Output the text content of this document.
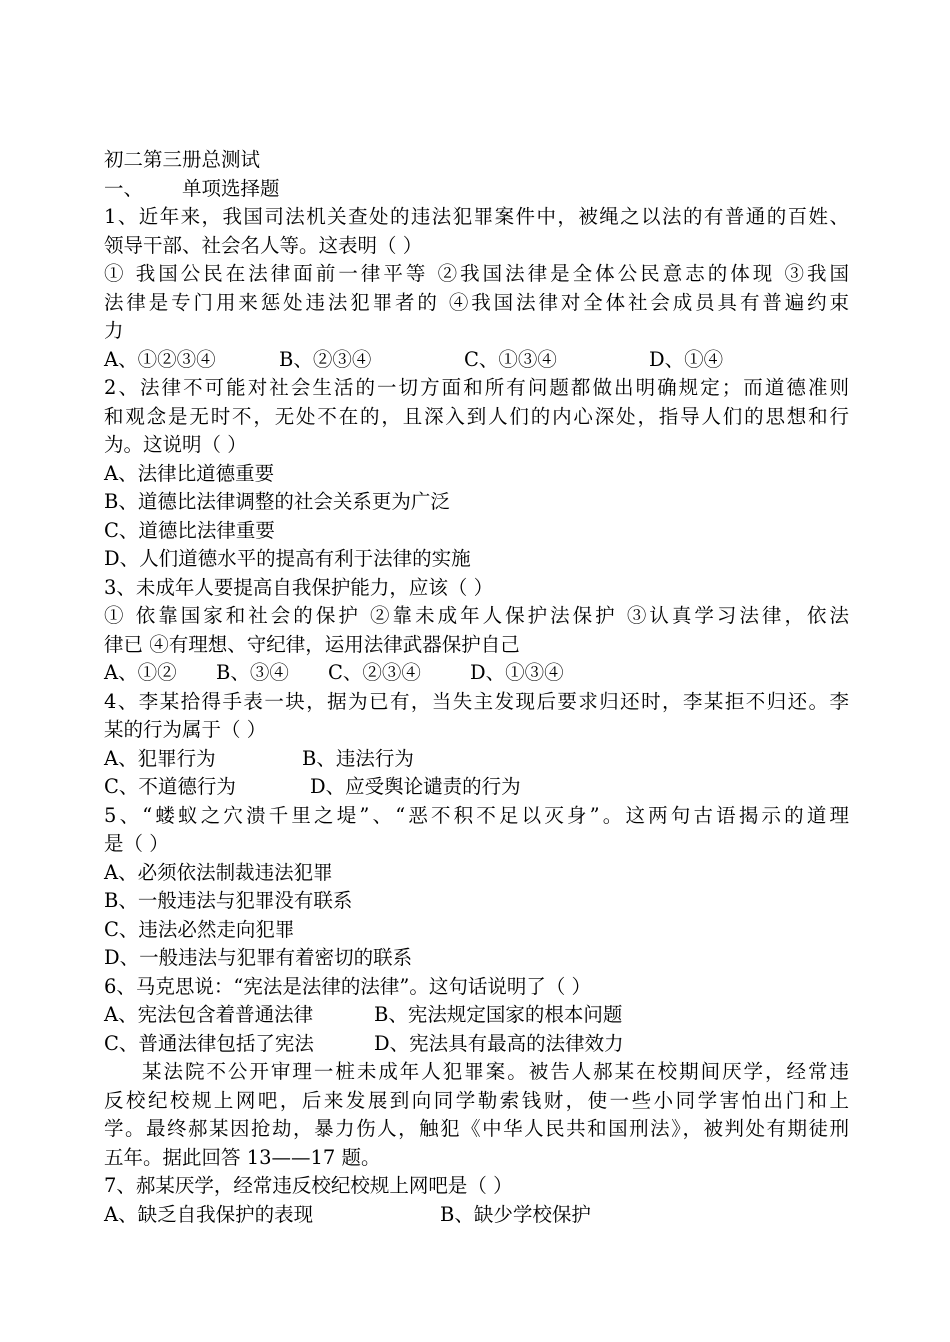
初二第三册总测试
一、	单项选择题
1、近年来，我国司法机关查处的违法犯罪案件中，被绳之以法的有普通的百姓、
领导干部、社会名人等。这表明（ ）
① 我国公民在法律面前一律平等 ②我国法律是全体公民意志的体现 ③我国
法律是专门用来惩处违法犯罪者的 ④我国法律对全体社会成员具有普遍约束
力
A、①②③④	B、②③④	C、①③④	D、①④
2、法律不可能对社会生活的一切方面和所有问题都做出明确规定；而道德准则
和观念是无时不，无处不在的，且深入到人们的内心深处，指导人们的思想和行
为。这说明（ ）
A、法律比道德重要
B、道德比法律调整的社会关系更为广泛
C、道德比法律重要
D、人们道德水平的提高有利于法律的实施
3、未成年人要提高自我保护能力，应该（ ）
① 依靠国家和社会的保护 ②靠未成年人保护法保护 ③认真学习法律，依法
律已 ④有理想、守纪律，运用法律武器保护自己
A、①②	B、③④	C、②③④	D、①③④
4、李某拾得手表一块，据为已有，当失主发现后要求归还时，李某拒不归还。李
某的行为属于（ ）
A、犯罪行为	B、违法行为
C、不道德行为	D、应受舆论谴责的行为
5、“蝼蚁之穴溃千里之堤”、“恶不积不足以灭身”。这两句古语揭示的道理
是（ ）
A、必须依法制裁违法犯罪
B、一般违法与犯罪没有联系
C、违法必然走向犯罪
D、一般违法与犯罪有着密切的联系
6、马克思说：“宪法是法律的法律”。这句话说明了（ ）
A、宪法包含着普通法律	B、宪法规定国家的根本问题
C、普通法律包括了宪法	D、宪法具有最高的法律效力
某法院不公开审理一桩未成年人犯罪案。被告人郝某在校期间厌学，经常违
反校纪校规上网吧，后来发展到向同学勒索钱财，使一些小同学害怕出门和上
学。最终郝某因抢劫，暴力伤人，触犯《中华人民共和国刑法》，被判处有期徒刑
五年。据此回答 13——17 题。
7、郝某厌学，经常违反校纪校规上网吧是（ ）
A、缺乏自我保护的表现	B、缺少学校保护
